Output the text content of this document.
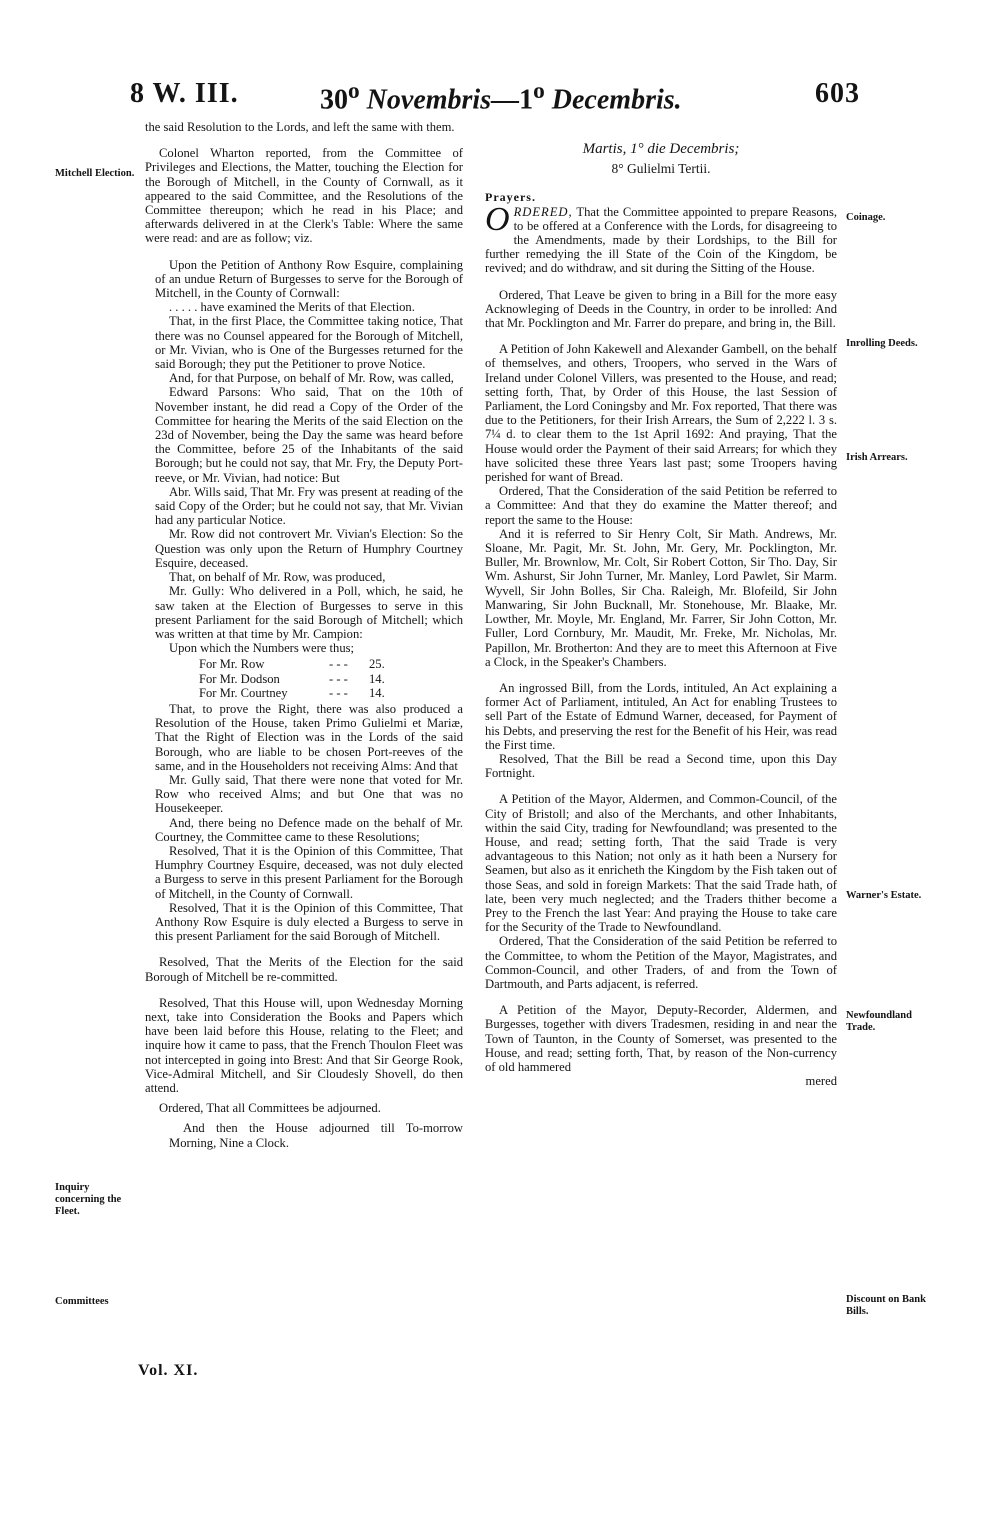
8 W. III.	30$^o$ Novembris—1$^o$ Decembris.	603
Mitchell Election.
Inquiry concerning the Fleet.
Committees
Coinage.
Inrolling Deeds.
Irish Arrears.
Warner's Estate.
Newfoundland Trade.
Discount on Bank Bills.

the said Resolution to the Lords, and left the same with them.

Colonel Wharton reported, from the Committee of Privileges and Elections, the Matter, touching the Election for the Borough of Mitchell, in the County of Cornwall, as it appeared to the said Committee, and the Resolutions of the Committee thereupon; which he read in his Place; and afterwards delivered in at the Clerk's Table: Where the same were read: and are as follow; viz.

Upon the Petition of Anthony Row Esquire, complaining of an undue Return of Burgesses to serve for the Borough of Mitchell, in the County of Cornwall:

. . . . . have examined the Merits of that Election.

That, in the first Place, the Committee taking notice, That there was no Counsel appeared for the Borough of Mitchell, or Mr. Vivian, who is One of the Burgesses returned for the said Borough; they put the Petitioner to prove Notice.

And, for that Purpose, on behalf of Mr. Row, was called,

Edward Parsons: Who said, That on the 10th of November instant, he did read a Copy of the Order of the Committee for hearing the Merits of the said Election on the 23d of November, being the Day the same was heard before the Committee, before 25 of the Inhabitants of the said Borough; but he could not say, that Mr. Fry, the Deputy Port-reeve, or Mr. Vivian, had notice: But

Abr. Wills said, That Mr. Fry was present at reading of the said Copy of the Order; but he could not say, that Mr. Vivian had any particular Notice.

Mr. Row did not controvert Mr. Vivian's Election: So the Question was only upon the Return of Humphry Courtney Esquire, deceased.

That, on behalf of Mr. Row, was produced,

Mr. Gully: Who delivered in a Poll, which, he said, he saw taken at the Election of Burgesses to serve in this present Parliament for the said Borough of Mitchell; which was written at that time by Mr. Campion:

Upon which the Numbers were thus;

For Mr. Row	- - -	25.
For Mr. Dodson	- - -	14.
For Mr. Courtney	- - -	14.

That, to prove the Right, there was also produced a Resolution of the House, taken Primo Gulielmi et Mariæ, That the Right of Election was in the Lords of the said Borough, who are liable to be chosen Port-reeves of the same, and in the Householders not receiving Alms: And that

Mr. Gully said, That there were none that voted for Mr. Row who received Alms; and but One that was no Housekeeper.

And, there being no Defence made on the behalf of Mr. Courtney, the Committee came to these Resolutions;

Resolved, That it is the Opinion of this Committee, That Humphry Courtney Esquire, deceased, was not duly elected a Burgess to serve in this present Parliament for the Borough of Mitchell, in the County of Cornwall.

Resolved, That it is the Opinion of this Committee, That Anthony Row Esquire is duly elected a Burgess to serve in this present Parliament for the said Borough of Mitchell.

Resolved, That the Merits of the Election for the said Borough of Mitchell be re-committed.

Resolved, That this House will, upon Wednesday Morning next, take into Consideration the Books and Papers which have been laid before this House, relating to the Fleet; and inquire how it came to pass, that the French Thoulon Fleet was not intercepted in going into Brest: And that Sir George Rook, Vice-Admiral Mitchell, and Sir Cloudesly Shovell, do then attend.

Ordered, That all Committees be adjourned.

And then the House adjourned till To-morrow Morning, Nine a Clock.

Vol. XI.
Martis, 1° die Decembris;
8° Gulielmi Tertii.
Prayers.

ORDERED, That the Committee appointed to prepare Reasons, to be offered at a Conference with the Lords, for disagreeing to the Amendments, made by their Lordships, to the Bill for further remedying the ill State of the Coin of the Kingdom, be revived; and do withdraw, and sit during the Sitting of the House.

Ordered, That Leave be given to bring in a Bill for the more easy Acknowleging of Deeds in the Country, in order to be inrolled: And that Mr. Pocklington and Mr. Farrer do prepare, and bring in, the Bill.

A Petition of John Kakewell and Alexander Gambell, on the behalf of themselves, and others, Troopers, who served in the Wars of Ireland under Colonel Villers, was presented to the House, and read; setting forth, That, by Order of this House, the last Session of Parliament, the Lord Coningsby and Mr. Fox reported, That there was due to the Petitioners, for their Irish Arrears, the Sum of 2,222 l. 3 s. 7¼ d. to clear them to the 1st April 1692: And praying, That the House would order the Payment of their said Arrears; for which they have solicited these three Years last past; some Troopers having perished for want of Bread.

Ordered, That the Consideration of the said Petition be referred to a Committee: And that they do examine the Matter thereof; and report the same to the House:

And it is referred to Sir Henry Colt, Sir Math. Andrews, Mr. Sloane, Mr. Pagit, Mr. St. John, Mr. Gery, Mr. Pocklington, Mr. Buller, Mr. Brownlow, Mr. Colt, Sir Robert Cotton, Sir Tho. Day, Sir Wm. Ashurst, Sir John Turner, Mr. Manley, Lord Pawlet, Sir Marm. Wyvell, Sir John Bolles, Sir Cha. Raleigh, Mr. Blofeild, Sir John Manwaring, Sir John Bucknall, Mr. Stonehouse, Mr. Blaake, Mr. Lowther, Mr. Moyle, Mr. England, Mr. Farrer, Sir John Cotton, Mr. Fuller, Lord Cornbury, Mr. Maudit, Mr. Freke, Mr. Nicholas, Mr. Papillon, Mr. Brotherton: And they are to meet this Afternoon at Five a Clock, in the Speaker's Chambers.

An ingrossed Bill, from the Lords, intituled, An Act explaining a former Act of Parliament, intituled, An Act for enabling Trustees to sell Part of the Estate of Edmund Warner, deceased, for Payment of his Debts, and preserving the rest for the Benefit of his Heir, was read the First time.

Resolved, That the Bill be read a Second time, upon this Day Fortnight.

A Petition of the Mayor, Aldermen, and Common-Council, of the City of Bristoll; and also of the Merchants, and other Inhabitants, within the said City, trading for Newfoundland; was presented to the House, and read; setting forth, That the said Trade is very advantageous to this Nation; not only as it hath been a Nursery for Seamen, but also as it enricheth the Kingdom by the Fish taken out of those Seas, and sold in foreign Markets: That the said Trade hath, of late, been very much neglected; and the Traders thither become a Prey to the French the last Year: And praying the House to take care for the Security of the Trade to Newfoundland.

Ordered, That the Consideration of the said Petition be referred to the Committee, to whom the Petition of the Mayor, Magistrates, and Common-Council, and other Traders, of and from the Town of Dartmouth, and Parts adjacent, is referred.

A Petition of the Mayor, Deputy-Recorder, Aldermen, and Burgesses, together with divers Tradesmen, residing in and near the Town of Taunton, in the County of Somerset, was presented to the House, and read; setting forth, That, by reason of the Non-currency of old hammered

mered
